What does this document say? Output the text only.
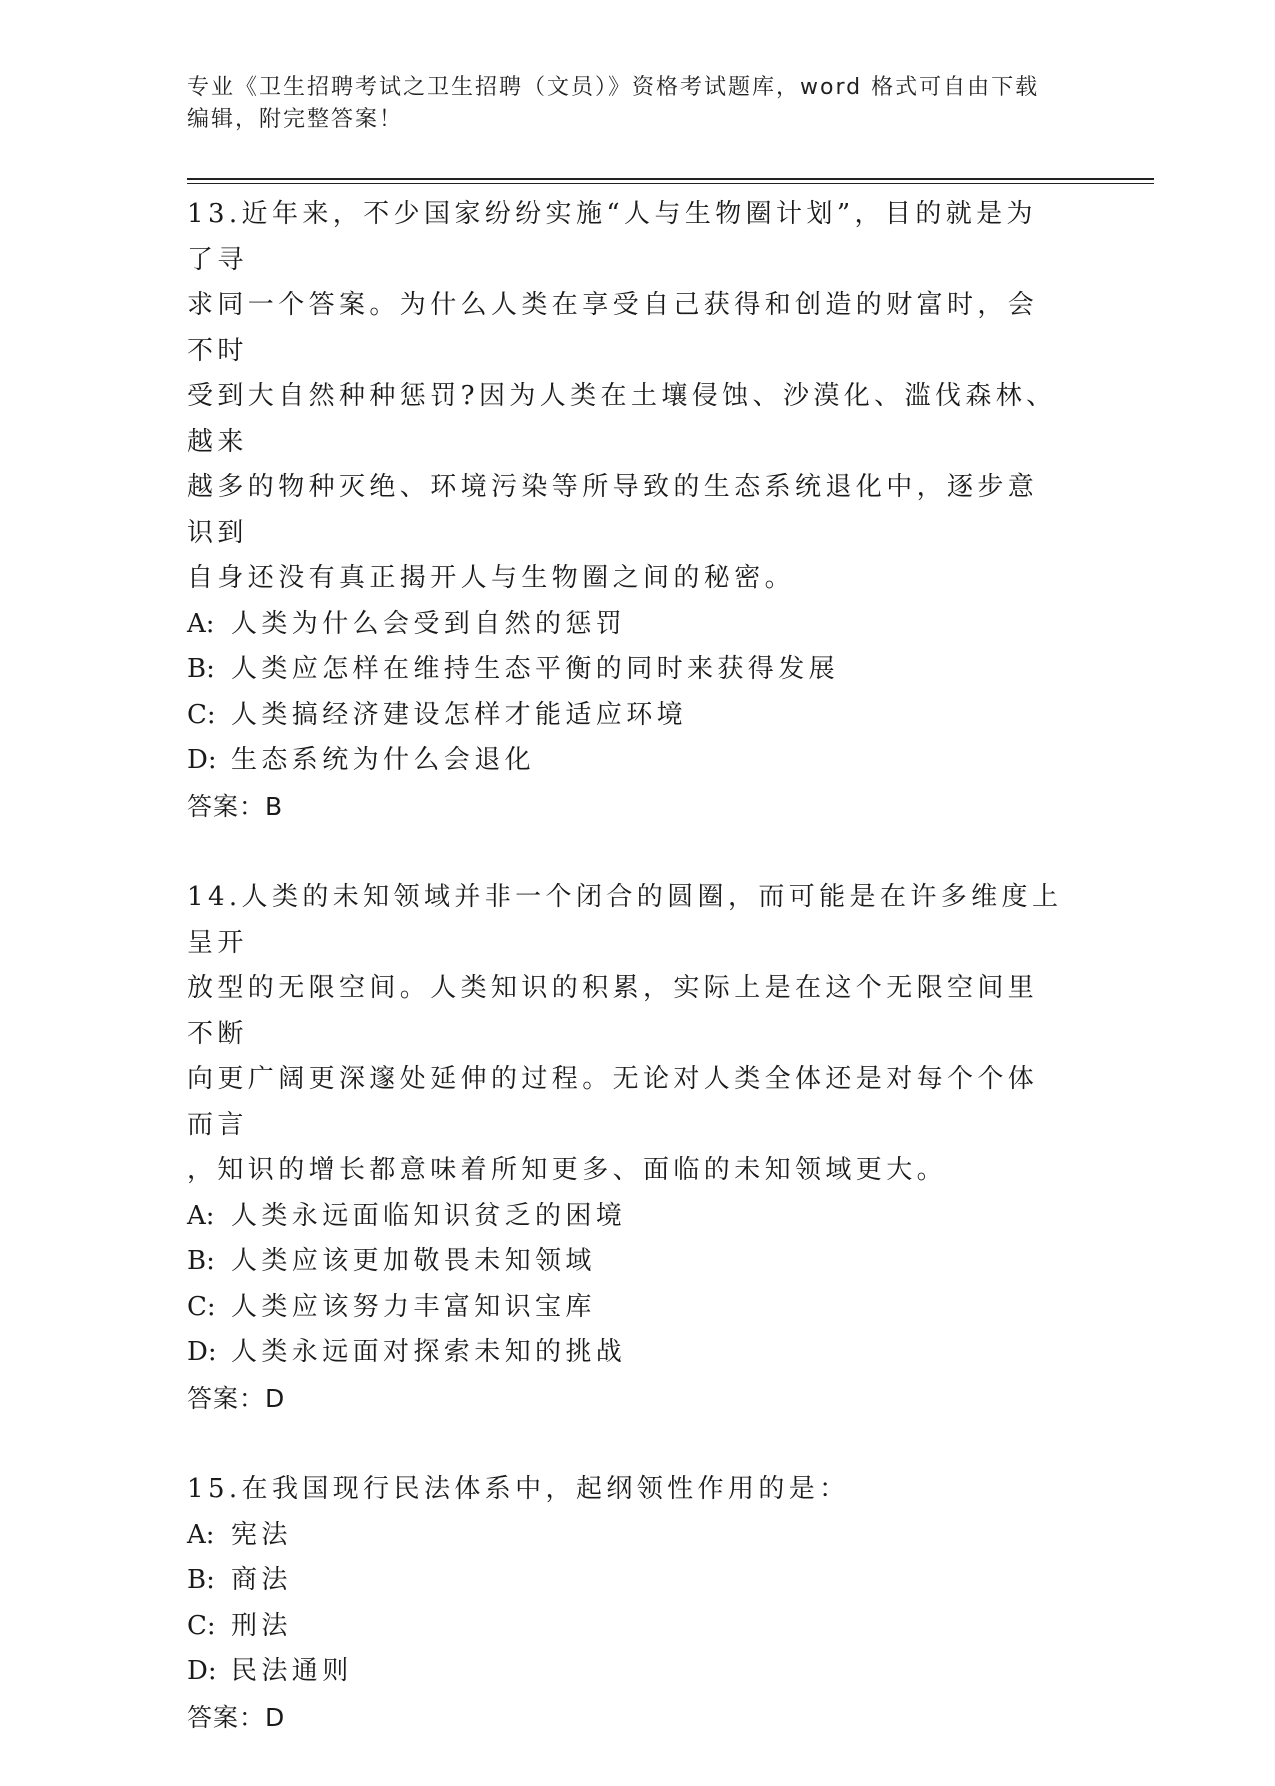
专业《卫生招聘考试之卫生招聘（文员）》资格考试题库，word 格式可自由下载
编辑，附完整答案！

13.近年来，不少国家纷纷实施“人与生物圈计划”，目的就是为了寻

求同一个答案。为什么人类在享受自己获得和创造的财富时，会不时

受到大自然种种惩罚?因为人类在土壤侵蚀、沙漠化、滥伐森林、越来

越多的物种灭绝、环境污染等所导致的生态系统退化中，逐步意识到

自身还没有真正揭开人与生物圈之间的秘密。

A: 人类为什么会受到自然的惩罚

B: 人类应怎样在维持生态平衡的同时来获得发展

C: 人类搞经济建设怎样才能适应环境

D: 生态系统为什么会退化

答案：B

14.人类的未知领域并非一个闭合的圆圈，而可能是在许多维度上呈开

放型的无限空间。人类知识的积累，实际上是在这个无限空间里不断

向更广阔更深邃处延伸的过程。无论对人类全体还是对每个个体而言

，知识的增长都意味着所知更多、面临的未知领域更大。

A: 人类永远面临知识贫乏的困境

B: 人类应该更加敬畏未知领域

C: 人类应该努力丰富知识宝库

D: 人类永远面对探索未知的挑战

答案：D

15.在我国现行民法体系中，起纲领性作用的是：

A: 宪法

B: 商法

C: 刑法

D: 民法通则

答案：D
